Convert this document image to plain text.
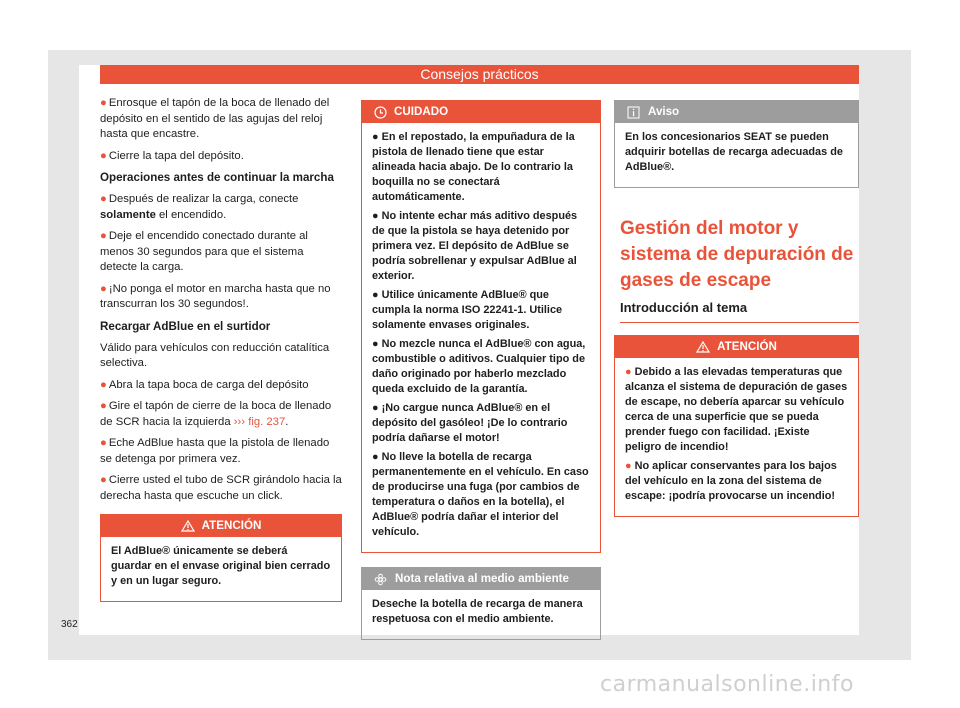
Consejos prácticos

● Enrosque el tapón de la boca de llenado del depósito en el sentido de las agujas del reloj hasta que encastre.

● Cierre la tapa del depósito.

Operaciones antes de continuar la marcha

● Después de realizar la carga, conecte solamente el encendido.

● Deje el encendido conectado durante al menos 30 segundos para que el sistema detecte la carga.

● ¡No ponga el motor en marcha hasta que no transcurran los 30 segundos!.

Recargar AdBlue en el surtidor

Válido para vehículos con reducción catalítica selectiva.

● Abra la tapa boca de carga del depósito

● Gire el tapón de cierre de la boca de llenado de SCR hacia la izquierda ››› fig. 237.

● Eche AdBlue hasta que la pistola de llenado se detenga por primera vez.

● Cierre usted el tubo de SCR girándolo hacia la derecha hasta que escuche un click.

ATENCIÓN

El AdBlue® únicamente se deberá guardar en el envase original bien cerrado y en un lugar seguro.

CUIDADO

● En el repostado, la empuñadura de la pistola de llenado tiene que estar alineada hacia abajo. De lo contrario la boquilla no se conectará automáticamente.

● No intente echar más aditivo después de que la pistola se haya detenido por primera vez. El depósito de AdBlue se podría sobrellenar y expulsar AdBlue al exterior.

● Utilice únicamente AdBlue® que cumpla la norma ISO 22241-1. Utilice solamente envases originales.

● No mezcle nunca el AdBlue® con agua, combustible o aditivos. Cualquier tipo de daño originado por haberlo mezclado queda excluido de la garantía.

● ¡No cargue nunca AdBlue® en el depósito del gasóleo! ¡De lo contrario podría dañarse el motor!

● No lleve la botella de recarga permanentemente en el vehículo. En caso de producirse una fuga (por cambios de temperatura o daños en la botella), el AdBlue® podría dañar el interior del vehículo.

Nota relativa al medio ambiente

Deseche la botella de recarga de manera respetuosa con el medio ambiente.

Aviso

En los concesionarios SEAT se pueden adquirir botellas de recarga adecuadas de AdBlue®.

Gestión del motor y sistema de depuración de gases de escape
Introducción al tema
ATENCIÓN

● Debido a las elevadas temperaturas que alcanza el sistema de depuración de gases de escape, no debería aparcar su vehículo cerca de una superficie que se pueda prender fuego con facilidad. ¡Existe peligro de incendio!

● No aplicar conservantes para los bajos del vehículo en la zona del sistema de escape: ¡podría provocarse un incendio!

362
carmanualsonline.info
